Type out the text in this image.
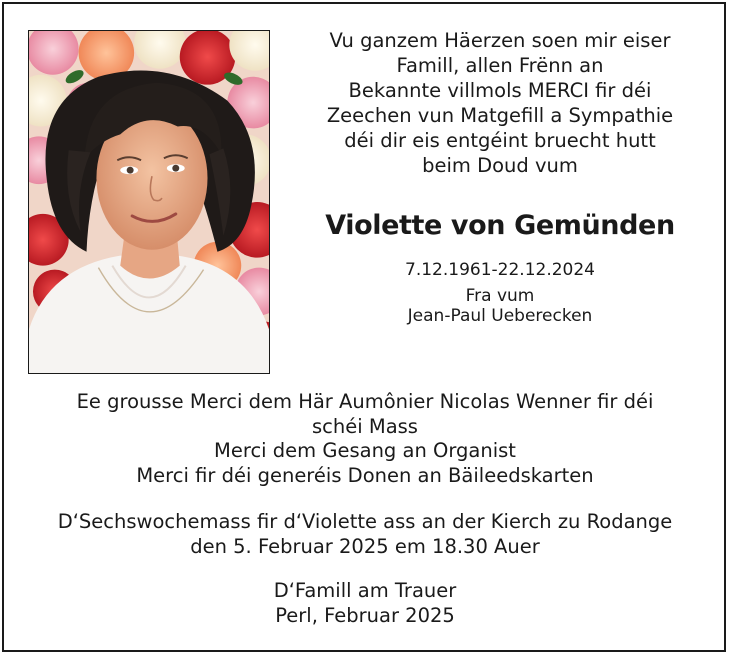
Vu ganzem Häerzen soen mir eiser
Famill, allen Frënn an
Bekannte villmols MERCI fir déi
Zeechen vun Matgefill a Sympathie
déi dir eis entgéint bruecht hutt
beim Doud vum
Violette von Gemünden
7.12.1961-22.12.2024
Fra vum
Jean-Paul Ueberecken
Ee grousse Merci dem Här Aumônier Nicolas Wenner fir déi
schéi Mass
Merci dem Gesang an Organist
Merci fir déi generéis Donen an Bäileedskarten
D‘Sechswochemass fir d‘Violette ass an der Kierch zu Rodange
den 5. Februar 2025 em 18.30 Auer
D‘Famill am Trauer
Perl, Februar 2025
